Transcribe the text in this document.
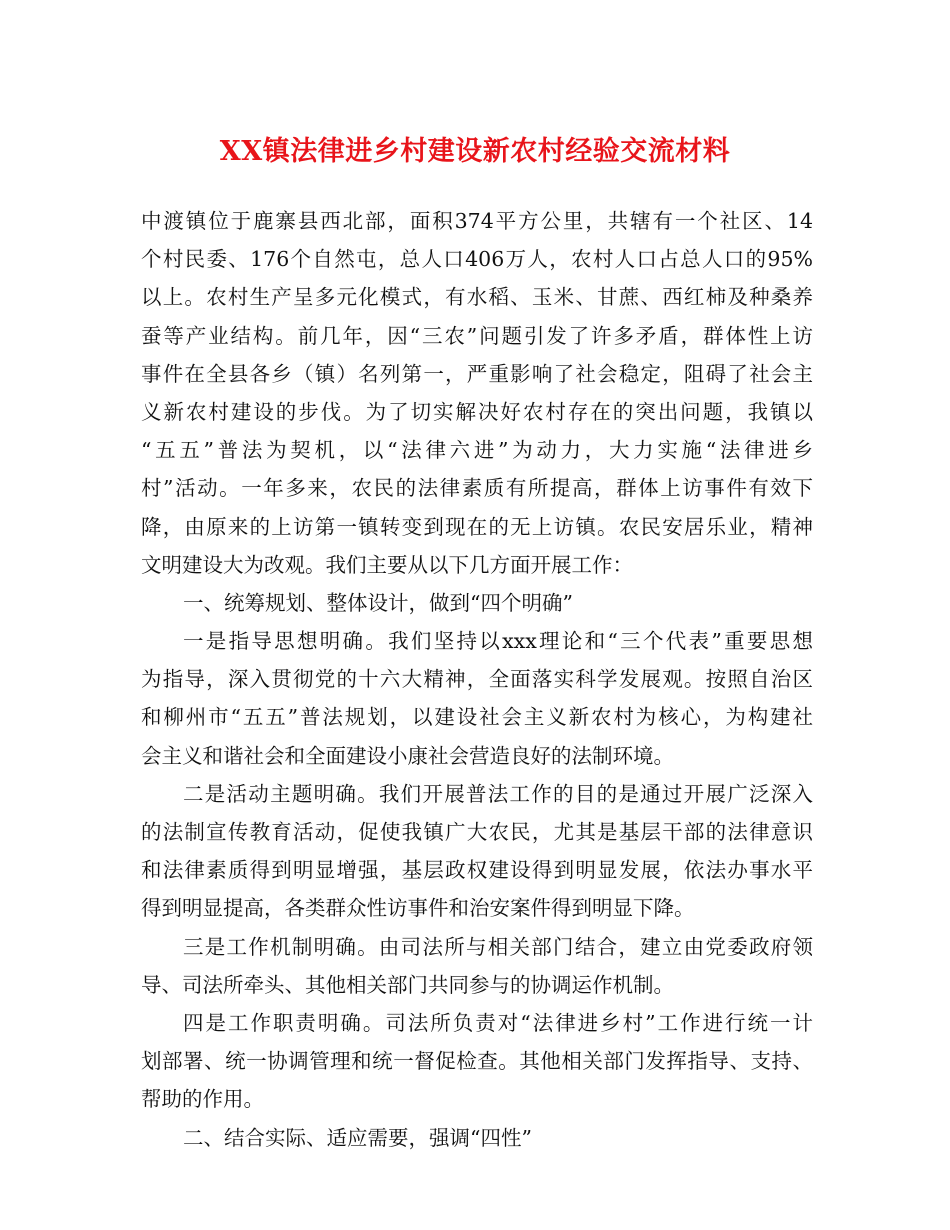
XX镇法律进乡村建设新农村经验交流材料
中渡镇位于鹿寨县西北部，面积374平方公里，共辖有一个社区、14
个村民委、176个自然屯，总人口406万人，农村人口占总人口的95%
以上。农村生产呈多元化模式，有水稻、玉米、甘蔗、西红柿及种桑养
蚕等产业结构。前几年，因“三农”问题引发了许多矛盾，群体性上访
事件在全县各乡（镇）名列第一，严重影响了社会稳定，阻碍了社会主
义新农村建设的步伐。为了切实解决好农村存在的突出问题，我镇以
“五五”普法为契机，以“法律六进”为动力，大力实施“法律进乡
村”活动。一年多来，农民的法律素质有所提高，群体上访事件有效下
降，由原来的上访第一镇转变到现在的无上访镇。农民安居乐业，精神
文明建设大为改观。我们主要从以下几方面开展工作：
一、统筹规划、整体设计，做到“四个明确”
一是指导思想明确。我们坚持以xxx理论和“三个代表”重要思想
为指导，深入贯彻党的十六大精神，全面落实科学发展观。按照自治区
和柳州市“五五”普法规划，以建设社会主义新农村为核心，为构建社
会主义和谐社会和全面建设小康社会营造良好的法制环境。
二是活动主题明确。我们开展普法工作的目的是通过开展广泛深入
的法制宣传教育活动，促使我镇广大农民，尤其是基层干部的法律意识
和法律素质得到明显增强，基层政权建设得到明显发展，依法办事水平
得到明显提高，各类群众性访事件和治安案件得到明显下降。
三是工作机制明确。由司法所与相关部门结合，建立由党委政府领
导、司法所牵头、其他相关部门共同参与的协调运作机制。
四是工作职责明确。司法所负责对“法律进乡村”工作进行统一计
划部署、统一协调管理和统一督促检查。其他相关部门发挥指导、支持、
帮助的作用。
二、结合实际、适应需要，强调“四性”
